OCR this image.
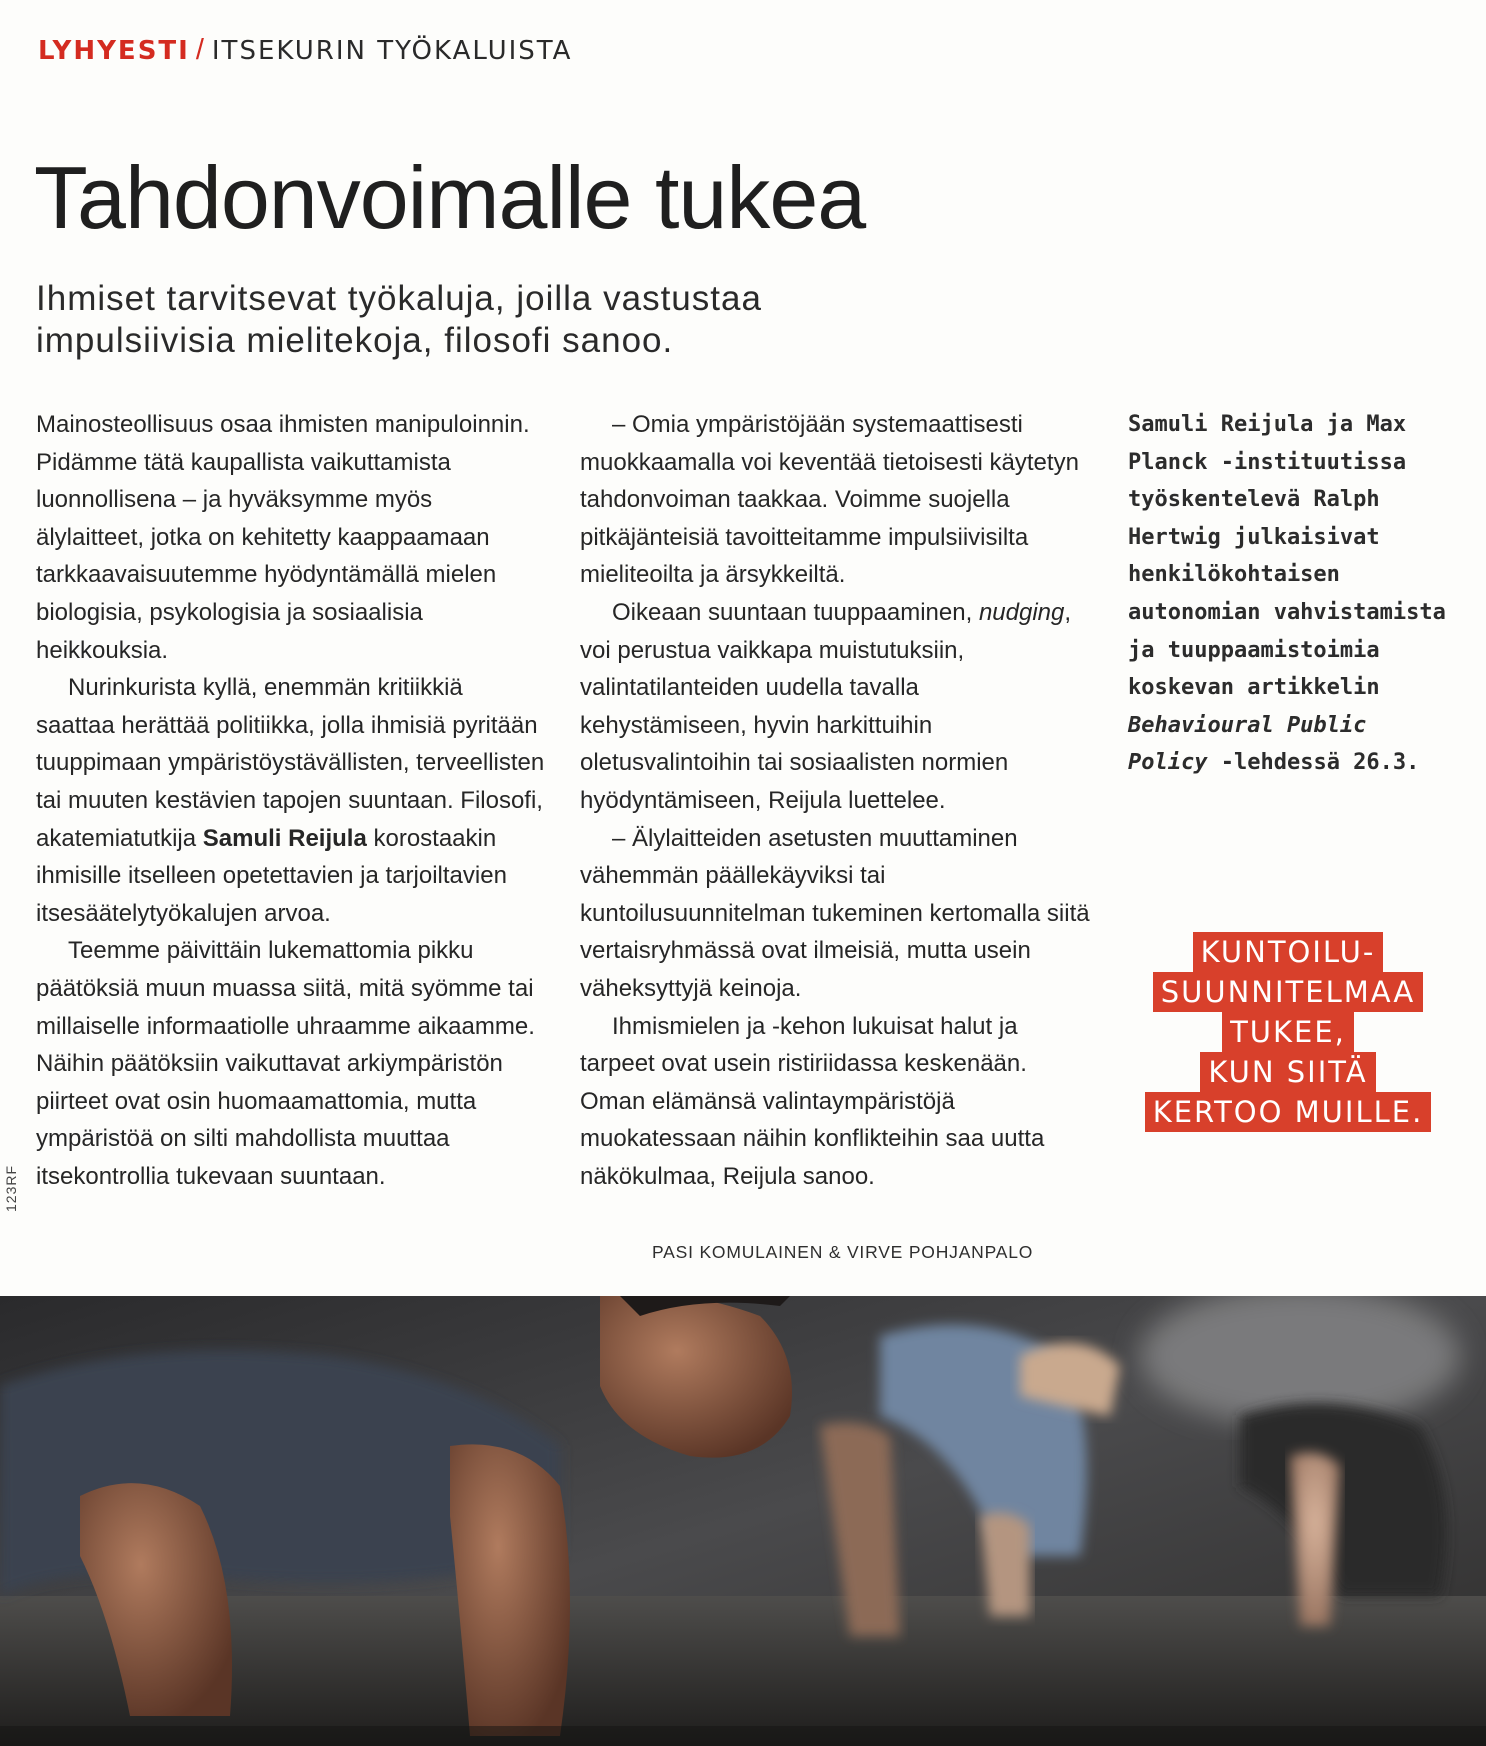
LYHYESTI / ITSEKURIN TYÖKALUISTA
Tahdonvoimalle tukea

Ihmiset tarvitsevat työkaluja, joilla vastustaa impulsiivisia mielitekoja, filosofi sanoo.

Mainosteollisuus osaa ihmisten manipuloinnin. Pidämme tätä kaupallista vaikuttamista luonnollisena – ja hyväksymme myös älylaitteet, jotka on kehitetty kaappaamaan tarkkaavaisuutemme hyödyntämällä mielen biologisia, psykologisia ja sosiaalisia heikkouksia.

Nurinkurista kyllä, enemmän kritiikkiä saattaa herättää politiikka, jolla ihmisiä pyritään tuuppimaan ympäristöystävällisten, terveellisten tai muuten kestävien tapojen suuntaan. Filosofi, akatemiatutkija Samuli Reijula korostaakin ihmisille itselleen opetettavien ja tarjoiltavien itsesäätelytyökalujen arvoa.

Teemme päivittäin lukemattomia pikku päätöksiä muun muassa siitä, mitä syömme tai millaiselle informaatiolle uhraamme aikaamme. Näihin päätöksiin vaikuttavat arkiympäristön piirteet ovat osin huomaamattomia, mutta ympäristöä on silti mahdollista muuttaa itsekontrollia tukevaan suuntaan.

– Omia ympäristöjään systemaattisesti muokkaamalla voi keventää tietoisesti käytetyn tahdonvoiman taakkaa. Voimme suojella pitkäjänteisiä tavoitteitamme impulsiivisilta mieliteoilta ja ärsykkeiltä.

Oikeaan suuntaan tuuppaaminen, nudging, voi perustua vaikkapa muistutuksiin, valintatilanteiden uudella tavalla kehystämiseen, hyvin harkittuihin oletusvalintoihin tai sosiaalisten normien hyödyntämiseen, Reijula luettelee.

– Älylaitteiden asetusten muuttaminen vähemmän päällekäyviksi tai kuntoilusuunnitelman tukeminen kertomalla siitä vertaisryhmässä ovat ilmeisiä, mutta usein väheksyttyjä keinoja.

Ihmismielen ja -kehon lukuisat halut ja tarpeet ovat usein ristiriidassa keskenään. Oman elämänsä valintaympäristöjä muokatessaan näihin konflikteihin saa uutta näkökulmaa, Reijula sanoo.

PASI KOMULAINEN & VIRVE POHJANPALO
Samuli Reijula ja Max Planck -instituutissa työskentelevä Ralph Hertwig julkaisivat henkilökohtaisen autonomian vahvistamista ja tuuppaamistoimia koskevan artikkelin Behavioural Public Policy -lehdessä 26.3.
KUNTOILU-
SUUNNITELMAA
TUKEE,
KUN SIITÄ
KERTOO MUILLE.
123RF
